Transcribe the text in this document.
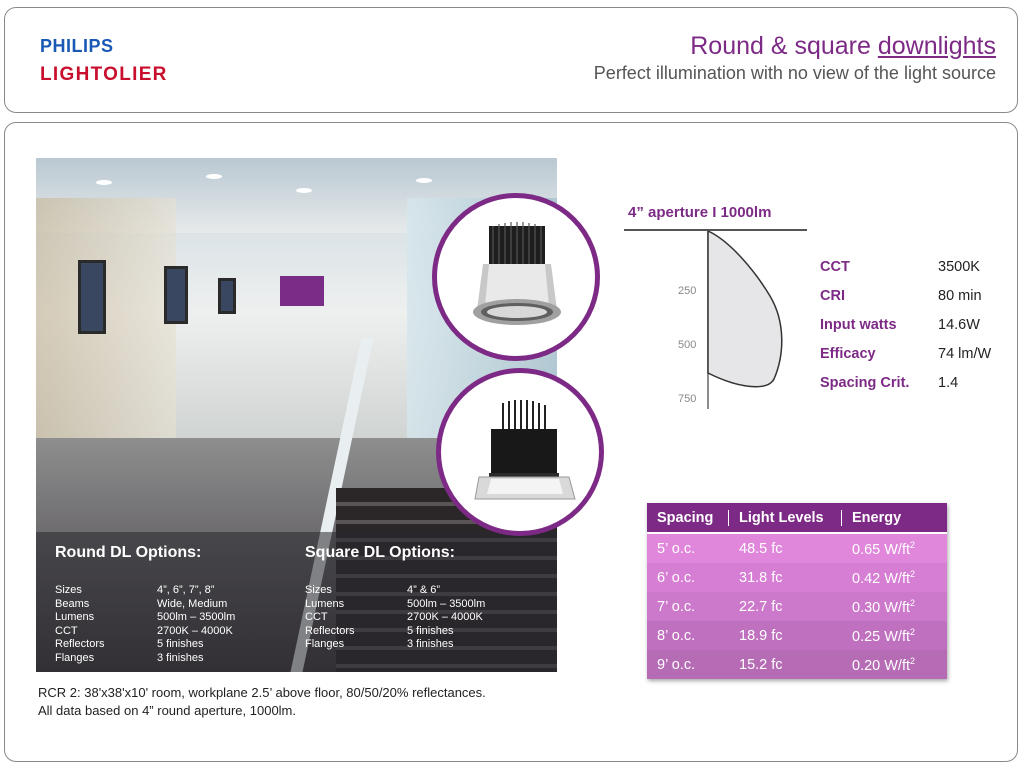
PHILIPS
LIGHTOLIER
Round & square downlights
Perfect illumination with no view of the light source
Round DL Options:
Sizes	4”, 6”, 7”, 8”
Beams	Wide, Medium
Lumens	500lm – 3500lm
CCT	2700K – 4000K
Reflectors	5 finishes
Flanges	3 finishes
Square DL Options:
Sizes	4” & 6”
Lumens	500lm – 3500lm
CCT	2700K – 4000K
Reflectors	5 finishes
Flanges	3 finishes
4” aperture I 1000lm
250
500
750
CCT	3500K
CRI	80 min
Input watts	14.6W
Efficacy	74 lm/W
Spacing Crit.	1.4
Spacing	Light Levels	Energy
5’ o.c.	48.5 fc	0.65 $W/ft^2$
6’ o.c.	31.8 fc	0.42 $W/ft^2$
7’ o.c.	22.7 fc	0.30 $W/ft^2$
8’ o.c.	18.9 fc	0.25 $W/ft^2$
9’ o.c.	15.2 fc	0.20 $W/ft^2$
RCR 2: 38'x38'x10' room, workplane 2.5’ above floor, 80/50/20% reflectances.
All data based on 4” round aperture, 1000lm.
